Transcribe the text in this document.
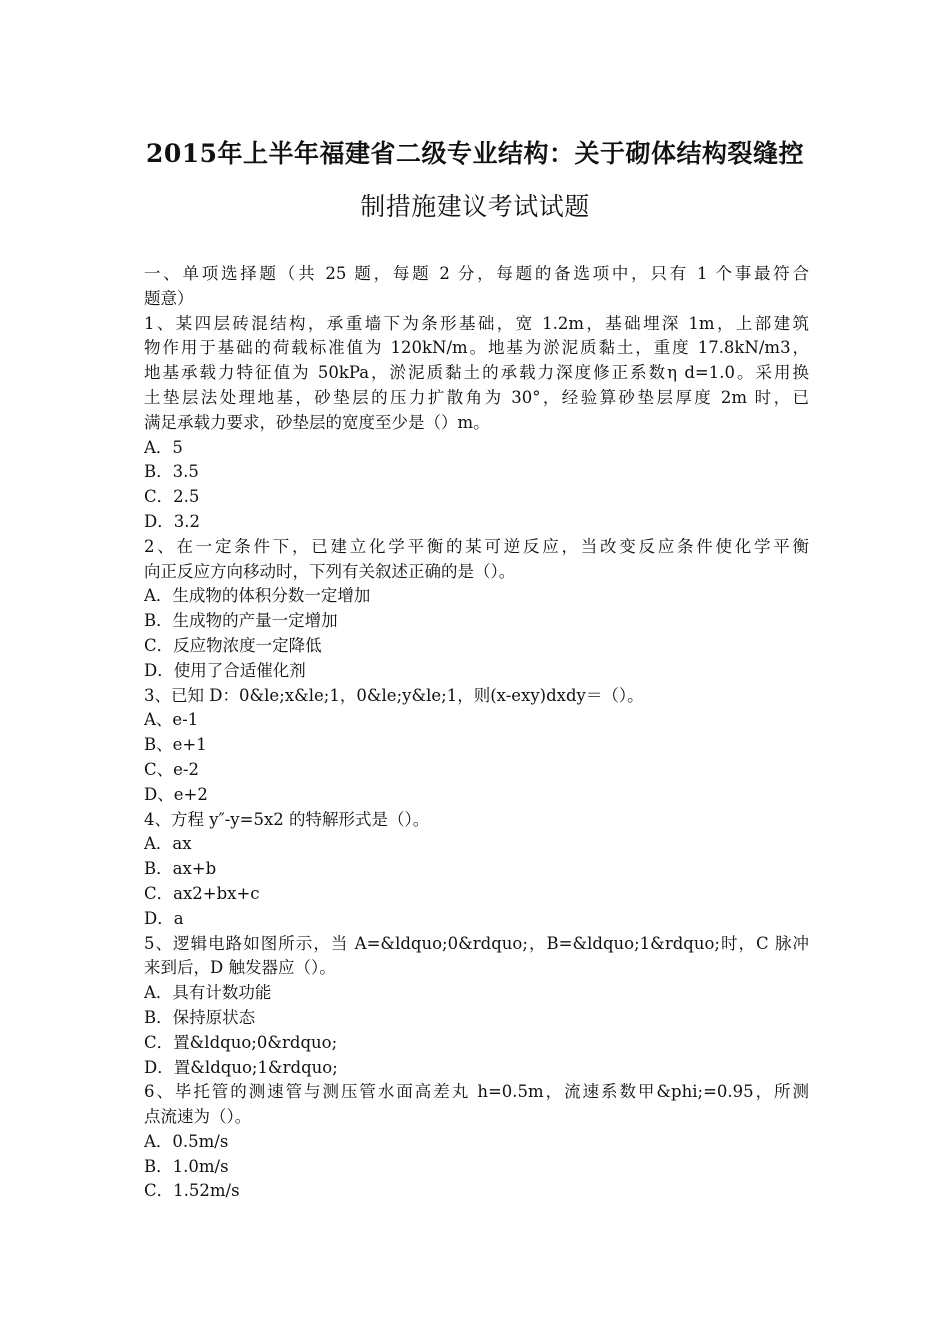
2015年上半年福建省二级专业结构：关于砌体结构裂缝控
制措施建议考试试题
一、单项选择题（共 25 题，每题 2 分，每题的备选项中，只有 1 个事最符合
题意）
1、某四层砖混结构，承重墙下为条形基础，宽 1.2m，基础埋深 1m，上部建筑
物作用于基础的荷载标准值为 120kN/m。地基为淤泥质黏土，重度 17.8kN/m3，
地基承载力特征值为 50kPa，淤泥质黏土的承载力深度修正系数η d=1.0。采用换
土垫层法处理地基，砂垫层的压力扩散角为 30°，经验算砂垫层厚度 2m 时，已
满足承载力要求，砂垫层的宽度至少是（）m。
A．5
B．3.5
C．2.5
D．3.2
2、在一定条件下，已建立化学平衡的某可逆反应，当改变反应条件使化学平衡
向正反应方向移动时，下列有关叙述正确的是（）。
A．生成物的体积分数一定增加
B．生成物的产量一定增加
C．反应物浓度一定降低
D．使用了合适催化剂
3、已知 D：0&le;x&le;1，0&le;y&le;1，则(x-exy)dxdy＝（）。
A、e-1
B、e+1
C、e-2
D、e+2
4、方程 y″-y=5x2 的特解形式是（）。
A．ax
B．ax+b
C．ax2+bx+c
D．a
5、逻辑电路如图所示，当 A=&ldquo;0&rdquo;，B=&ldquo;1&rdquo;时，C 脉冲
来到后，D 触发器应（）。
A．具有计数功能
B．保持原状态
C．置&ldquo;0&rdquo;
D．置&ldquo;1&rdquo;
6、毕托管的测速管与测压管水面高差丸 h=0.5m，流速系数甲&phi;=0.95，所测
点流速为（）。
A．0.5m/s
B．1.0m/s
C．1.52m/s
